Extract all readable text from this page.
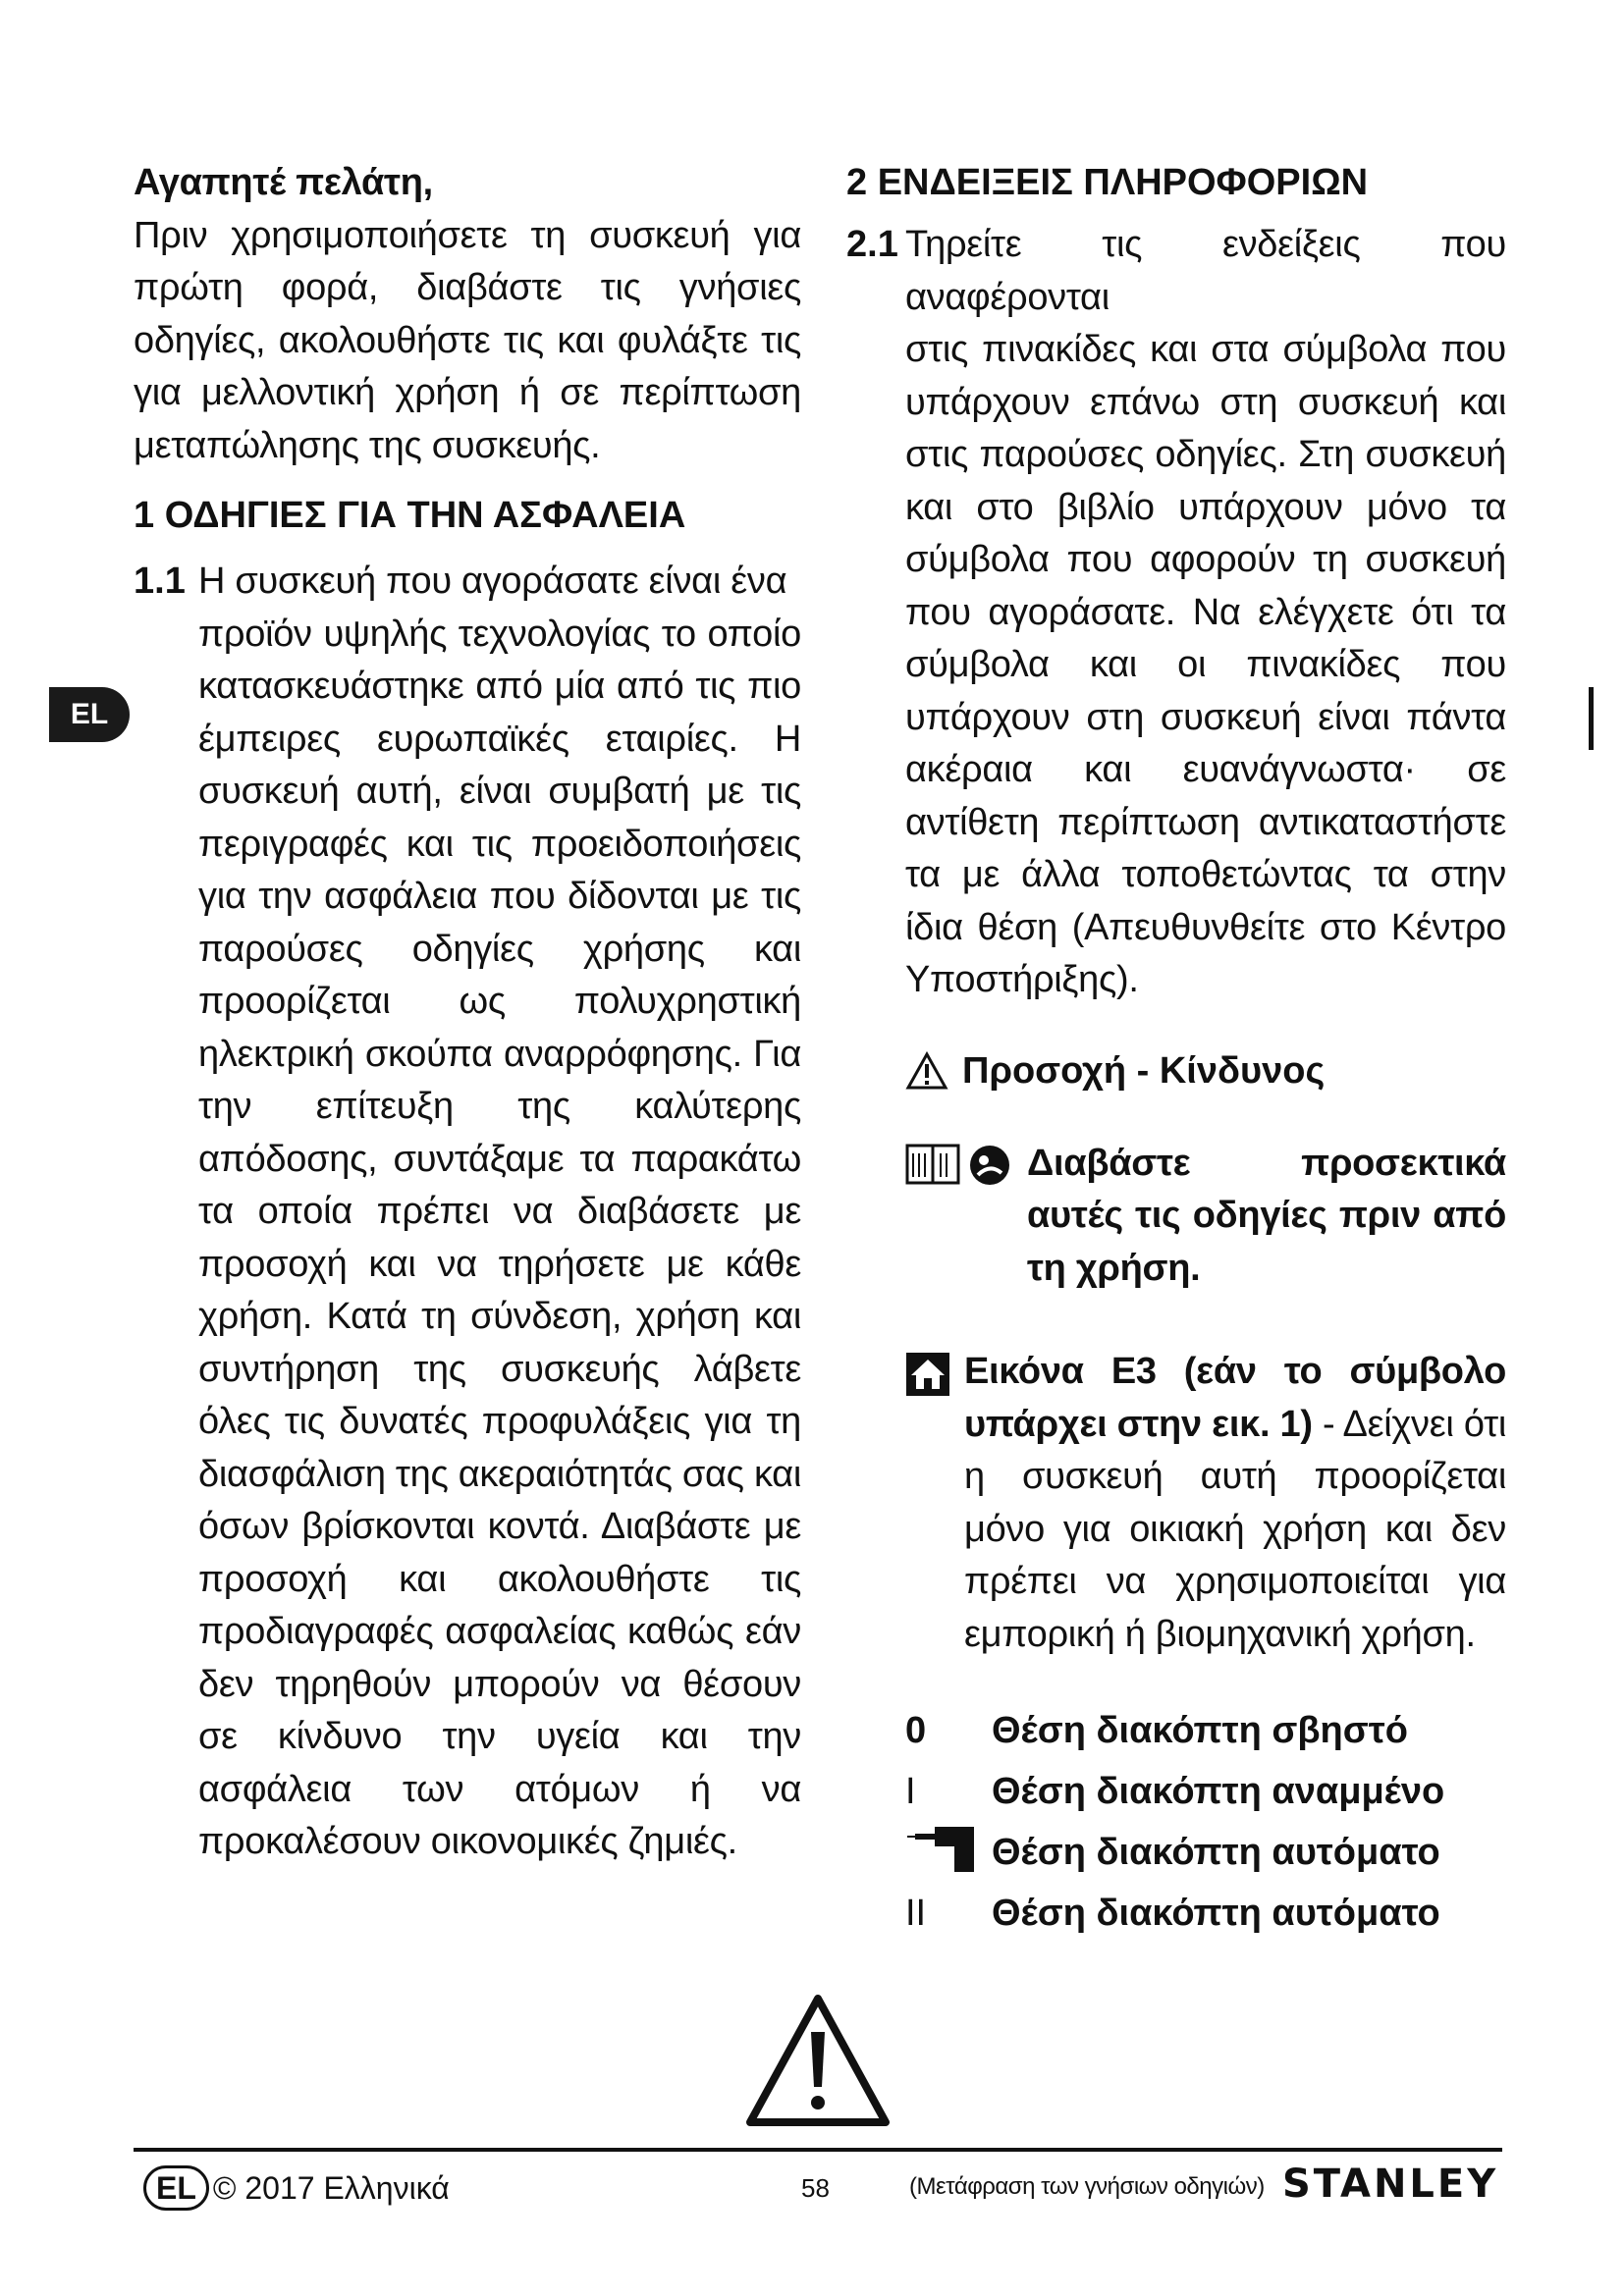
EL

Αγαπητέ πελάτη,

Πριν χρησιμοποιήσετε τη συσκευή για πρώτη φορά, διαβάστε τις γνήσιες οδηγίες, ακολουθήστε τις και φυλάξτε τις για μελλοντική χρήση ή σε περίπτωση μεταπώλησης της συσκευής.

1 ΟΔΗΓΙΕΣ ΓΙΑ ΤΗΝ ΑΣΦΑΛΕΙΑ
1.1 Η συσκευή που αγοράσατε είναι ένα

προϊόν υψηλής τεχνολογίας το οποίο κατασκευάστηκε από μία από τις πιο έμπειρες ευρωπαϊκές εταιρίες. Η συσκευή αυτή, είναι συμβατή με τις περιγραφές και τις προειδοποιήσεις για την ασφάλεια που δίδονται με τις παρούσες οδηγίες χρήσης και προορίζεται ως πολυχρηστική ηλεκτρική σκούπα αναρρόφησης. Για την επίτευξη της καλύτερης απόδοσης, συντάξαμε τα παρακάτω τα οποία πρέπει να διαβάσετε με προσοχή και να τηρήσετε με κάθε χρήση. Κατά τη σύνδεση, χρήση και συντήρηση της συσκευής λάβετε όλες τις δυνατές προφυλάξεις για τη διασφάλιση της ακεραιότητάς σας και όσων βρίσκονται κοντά. Διαβάστε με προσοχή και ακολουθήστε τις προδιαγραφές ασφαλείας καθώς εάν δεν τηρηθούν μπορούν να θέσουν σε κίνδυνο την υγεία και την ασφάλεια των ατόμων ή να προκαλέσουν οικονομικές ζημιές.

2 ΕΝΔΕΙΞΕΙΣ ΠΛΗΡΟΦΟΡΙΩΝ
2.1 Τηρείτε τις ενδείξεις που αναφέρονται

στις πινακίδες και στα σύμβολα που υπάρχουν επάνω στη συσκευή και στις παρούσες οδηγίες. Στη συσκευή και στο βιβλίο υπάρχουν μόνο τα σύμβολα που αφορούν τη συσκευή που αγοράσατε. Να ελέγχετε ότι τα σύμβολα και οι πινακίδες που υπάρχουν στη συσκευή είναι πάντα ακέραια και ευανάγνωστα· σε αντίθετη περίπτωση αντικαταστήστε τα με άλλα τοποθετώντας τα στην ίδια θέση (Απευθυνθείτε στο Κέντρο Υποστήριξης).

Προσοχή - Κίνδυνος

Διαβάστε προσεκτικά αυτές τις οδηγίες πριν από τη χρήση.

Εικόνα Ε3 (εάν το σύμβολο υπάρχει στην εικ. 1) - Δείχνει ότι η συσκευή αυτή προορίζεται μόνο για οικιακή χρήση και δεν πρέπει να χρησιμοποιείται για εμπορική ή βιομηχανική χρήση.

0	Θέση διακόπτη σβηστό
I	Θέση διακόπτη αναμμένο
Θέση διακόπτη αυτόματο
II	Θέση διακόπτη αυτόματο
EL © 2017 Ελληνικά	58	(Μετάφραση των γνήσιων οδηγιών) STANLEY
